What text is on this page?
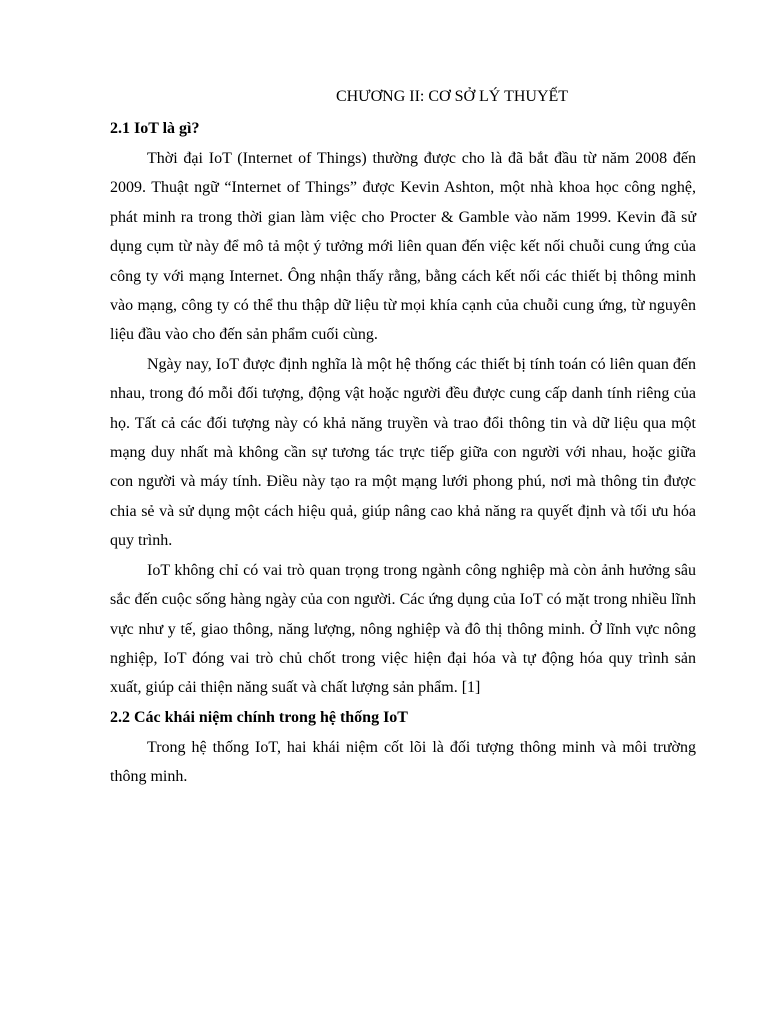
CHƯƠNG II: CƠ SỞ LÝ THUYẾT
2.1 IoT là gì?

Thời đại IoT (Internet of Things) thường được cho là đã bắt đầu từ năm 2008 đến 2009. Thuật ngữ “Internet of Things” được Kevin Ashton, một nhà khoa học công nghệ, phát minh ra trong thời gian làm việc cho Procter & Gamble vào năm 1999. Kevin đã sử dụng cụm từ này để mô tả một ý tưởng mới liên quan đến việc kết nối chuỗi cung ứng của công ty với mạng Internet. Ông nhận thấy rằng, bằng cách kết nối các thiết bị thông minh vào mạng, công ty có thể thu thập dữ liệu từ mọi khía cạnh của chuỗi cung ứng, từ nguyên liệu đầu vào cho đến sản phẩm cuối cùng.

Ngày nay, IoT được định nghĩa là một hệ thống các thiết bị tính toán có liên quan đến nhau, trong đó mỗi đối tượng, động vật hoặc người đều được cung cấp danh tính riêng của họ. Tất cả các đối tượng này có khả năng truyền và trao đổi thông tin và dữ liệu qua một mạng duy nhất mà không cần sự tương tác trực tiếp giữa con người với nhau, hoặc giữa con người và máy tính. Điều này tạo ra một mạng lưới phong phú, nơi mà thông tin được chia sẻ và sử dụng một cách hiệu quả, giúp nâng cao khả năng ra quyết định và tối ưu hóa quy trình.

IoT không chỉ có vai trò quan trọng trong ngành công nghiệp mà còn ảnh hưởng sâu sắc đến cuộc sống hàng ngày của con người. Các ứng dụng của IoT có mặt trong nhiều lĩnh vực như y tế, giao thông, năng lượng, nông nghiệp và đô thị thông minh. Ở lĩnh vực nông nghiệp, IoT đóng vai trò chủ chốt trong việc hiện đại hóa và tự động hóa quy trình sản xuất, giúp cải thiện năng suất và chất lượng sản phẩm. [1]

2.2 Các khái niệm chính trong hệ thống IoT

Trong hệ thống IoT, hai khái niệm cốt lõi là đối tượng thông minh và môi trường thông minh.
